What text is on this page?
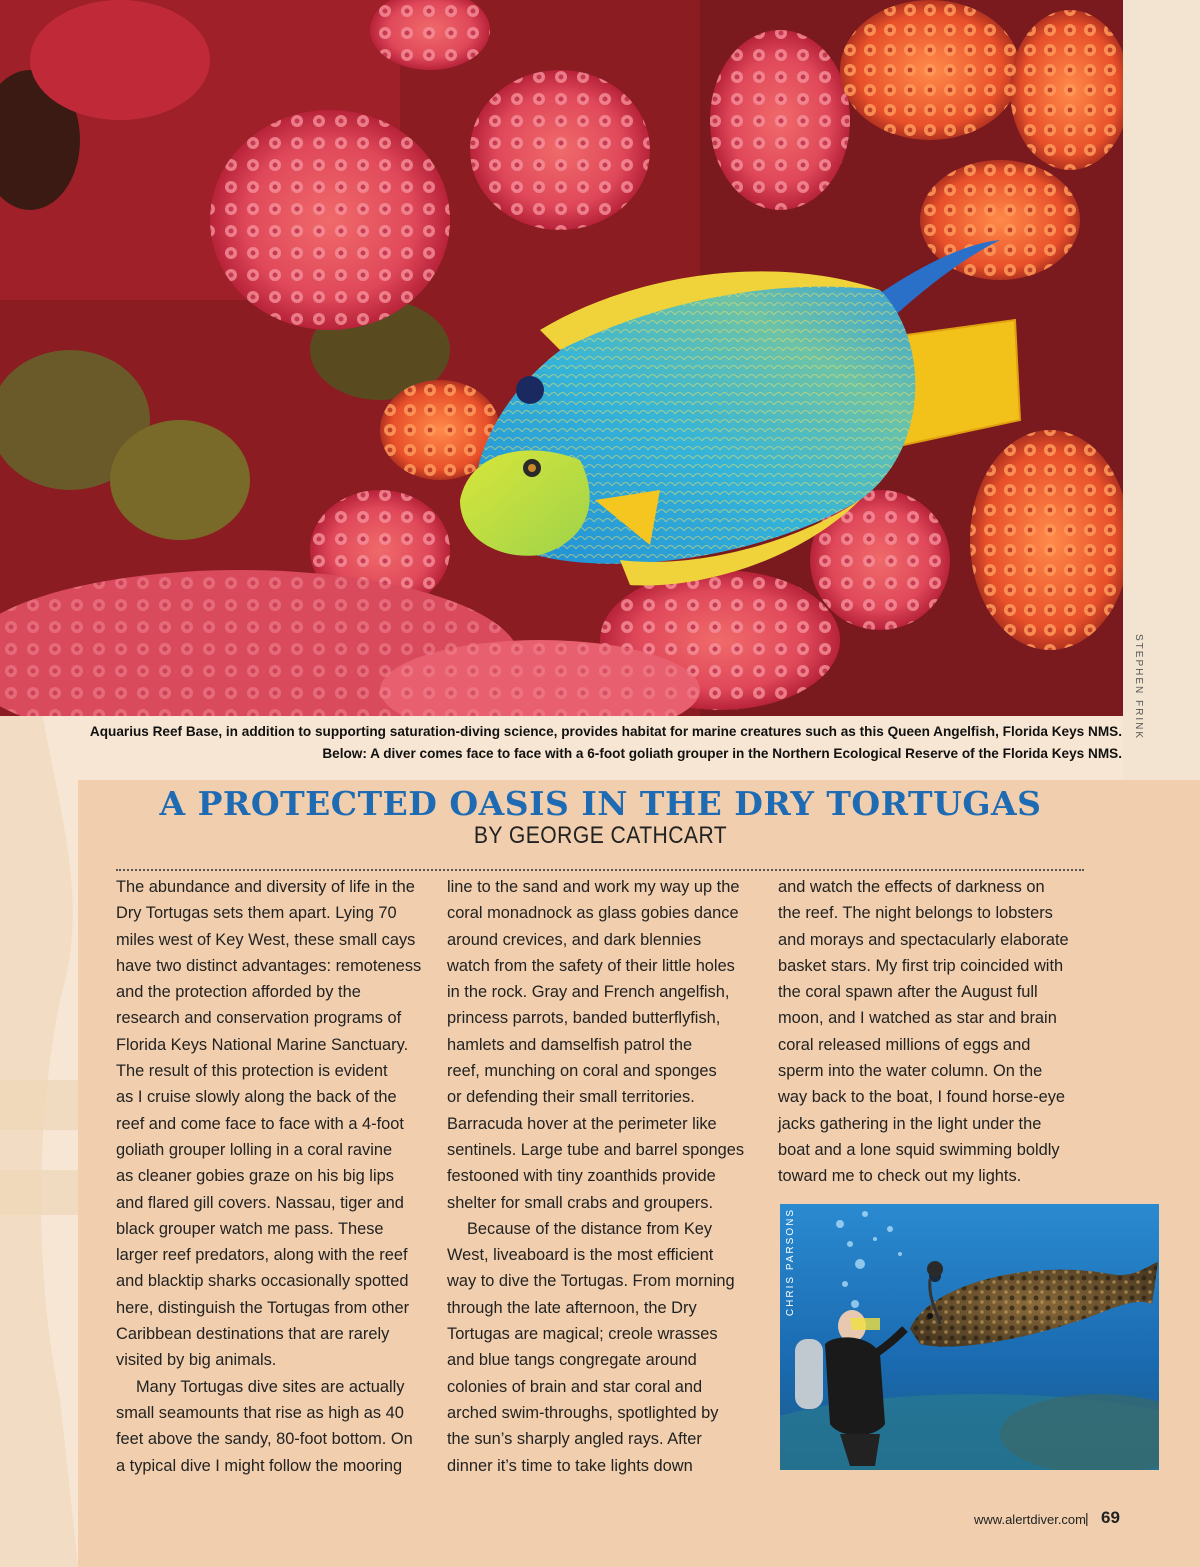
STEPHEN FRINK

Aquarius Reef Base, in addition to supporting saturation-diving science, provides habitat for marine creatures such as this Queen Angelfish, Florida Keys NMS.

Below: A diver comes face to face with a 6-foot goliath grouper in the Northern Ecological Reserve of the Florida Keys NMS.

A PROTECTED OASIS IN THE DRY TORTUGAS
BY GEORGE CATHCART

The abundance and diversity of life in the

Dry Tortugas sets them apart. Lying 70

miles west of Key West, these small cays

have two distinct advantages: remoteness

and the protection afforded by the

research and conservation programs of

Florida Keys National Marine Sanctuary.

The result of this protection is evident

as I cruise slowly along the back of the

reef and come face to face with a 4-foot

goliath grouper lolling in a coral ravine

as cleaner gobies graze on his big lips

and flared gill covers. Nassau, tiger and

black grouper watch me pass. These

larger reef predators, along with the reef

and blacktip sharks occasionally spotted

here, distinguish the Tortugas from other

Caribbean destinations that are rarely

visited by big animals.

Many Tortugas dive sites are actually

small seamounts that rise as high as 40

feet above the sandy, 80-foot bottom. On

a typical dive I might follow the mooring

line to the sand and work my way up the

coral monadnock as glass gobies dance

around crevices, and dark blennies

watch from the safety of their little holes

in the rock. Gray and French angelfish,

princess parrots, banded butterflyfish,

hamlets and damselfish patrol the

reef, munching on coral and sponges

or defending their small territories.

Barracuda hover at the perimeter like

sentinels. Large tube and barrel sponges

festooned with tiny zoanthids provide

shelter for small crabs and groupers.

Because of the distance from Key

West, liveaboard is the most efficient

way to dive the Tortugas. From morning

through the late afternoon, the Dry

Tortugas are magical; creole wrasses

and blue tangs congregate around

colonies of brain and star coral and

arched swim-throughs, spotlighted by

the sun’s sharply angled rays. After

dinner it’s time to take lights down

and watch the effects of darkness on

the reef. The night belongs to lobsters

and morays and spectacularly elaborate

basket stars. My first trip coincided with

the coral spawn after the August full

moon, and I watched as star and brain

coral released millions of eggs and

sperm into the water column. On the

way back to the boat, I found horse-eye

jacks gathering in the light under the

boat and a lone squid swimming boldly

toward me to check out my lights.

CHRIS PARSONS
www.alertdiver.com | 69
